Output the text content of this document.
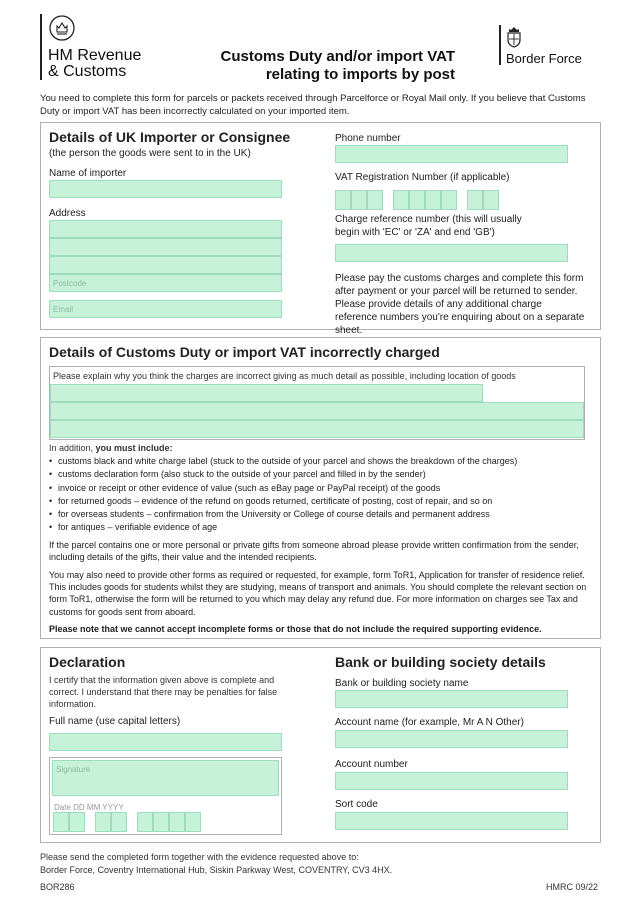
HM Revenue
& Customs
Customs Duty and/or import VAT
relating to imports by post
Border Force
You need to complete this form for parcels or packets received through Parcelforce or Royal Mail only. If you believe that Customs Duty or import VAT has been incorrectly calculated on your imported item.
Details of UK Importer or Consignee
(the person the goods were sent to in the UK)
Name of importer
Address
Postcode
Email
Phone number
VAT Registration Number (if applicable)
Charge reference number (this will usually
begin with 'EC' or 'ZA' and end 'GB')
Please pay the customs charges and complete this form after payment or your parcel will be returned to sender. Please provide details of any additional charge reference numbers you're enquiring about on a separate sheet.
Details of Customs Duty or import VAT incorrectly charged
Please explain why you think the charges are incorrect giving as much detail as possible, including location of goods
In addition, you must include:
• customs black and white charge label (stuck to the outside of your parcel and shows the breakdown of the charges)
• customs declaration form (also stuck to the outside of your parcel and filled in by the sender)
• invoice or receipt or other evidence of value (such as eBay page or PayPal receipt) of the goods
• for returned goods – evidence of the refund on goods returned, certificate of posting, cost of repair, and so on
• for overseas students – confirmation from the University or College of course details and permanent address
• for antiques – verifiable evidence of age
If the parcel contains one or more personal or private gifts from someone abroad please provide written confirmation from the sender, including details of the gifts, their value and the intended recipients.
You may also need to provide other forms as required or requested, for example, form ToR1, Application for transfer of residence relief. This includes goods for students whilst they are studying, means of transport and animals. You should complete the relevant section on form ToR1, otherwise the form will be returned to you which may delay any refund due. For more information on charges see Tax and customs for goods sent from aboard.
Please note that we cannot accept incomplete forms or those that do not include the required supporting evidence.
Declaration
I certify that the information given above is complete and correct. I understand that there may be penalties for false information.
Full name (use capital letters)
Signature
Date DD MM YYYY
Bank or building society details
Bank or building society name
Account name (for example, Mr A N Other)
Account number
Sort code
Please send the completed form together with the evidence requested above to:
Border Force, Coventry International Hub, Siskin Parkway West, COVENTRY, CV3 4HX.
BOR286	HMRC 09/22
